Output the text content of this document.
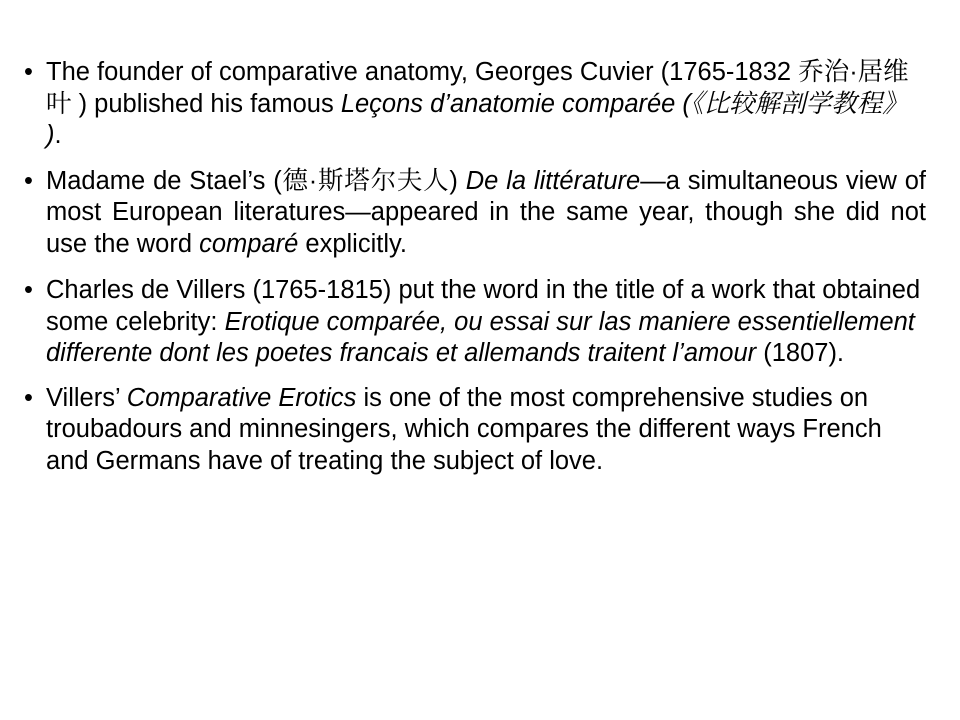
• The founder of comparative anatomy, Georges Cuvier (1765-1832 乔治·居维叶 ) published his famous Leçons d’anatomie comparée (《比较解剖学教程》 ).
• Madame de Stael’s (德·斯塔尔夫人) De la littérature—a simultaneous view of most European literatures—appeared in the same year, though she did not use the word comparé explicitly.
• Charles de Villers (1765-1815) put the word in the title of a work that obtained some celebrity: Erotique comparée, ou essai sur las maniere essentiellement differente dont les poetes francais et allemands traitent l’amour (1807).
• Villers’ Comparative Erotics is one of the most comprehensive studies on troubadours and minnesingers, which compares the different ways French and Germans have of treating the subject of love.
